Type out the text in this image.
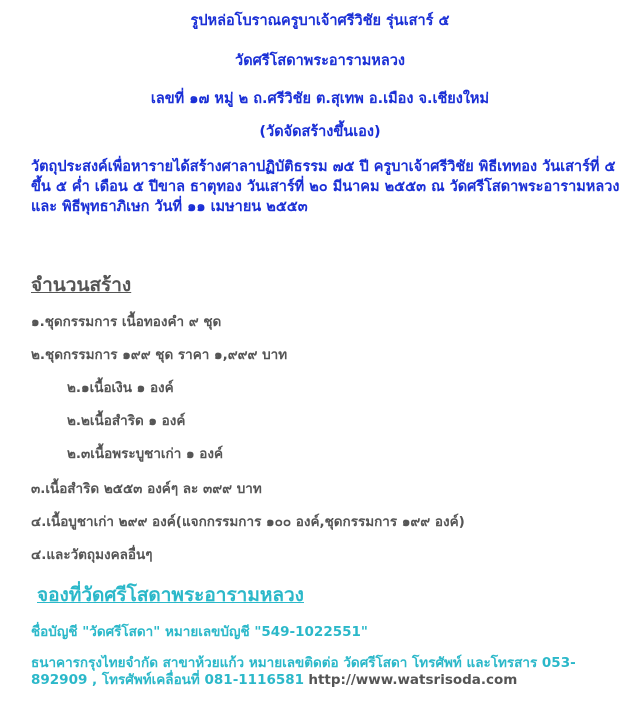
รูปหล่อโบราณครูบาเจ้าศรีวิชัย รุ่นเสาร์ ๕
วัดศรีโสดาพระอารามหลวง
เลขที่ ๑๗ หมู่ ๒ ถ.ศรีวิชัย ต.สุเทพ อ.เมือง จ.เชียงใหม่
(วัดจัดสร้างขึ้นเอง)
วัตถุประสงค์เพื่อหารายได้สร้างศาลาปฏิบัติธรรม ๗๕ ปี ครูบาเจ้าศรีวิชัย พิธีเททอง วันเสาร์ที่ ๕ ขึ้น ๕ ค่ำ เดือน ๕ ปีขาล ธาตุทอง วันเสาร์ที่ ๒๐ มีนาคม ๒๕๕๓ ณ วัดศรีโสดาพระอารามหลวง และ พิธีพุทธาภิเษก วันที่ ๑๑ เมษายน ๒๕๕๓
จำนวนสร้าง
๑.ชุดกรรมการ เนื้อทองคำ ๙ ชุด
๒.ชุดกรรมการ ๑๙๙ ชุด ราคา ๑,๙๙๙ บาท
๒.๑เนื้อเงิน ๑ องค์
๒.๒เนื้อสำริด ๑ องค์
๒.๓เนื้อพระบูชาเก่า ๑ องค์
๓.เนื้อสำริด ๒๕๕๓ องค์ๆ ละ ๓๙๙ บาท
๔.เนื้อบูชาเก่า ๒๙๙ องค์(แจกกรรมการ ๑๐๐ องค์,ชุดกรรมการ ๑๙๙ องค์)
๔.และวัตถุมงคลอื่นๆ
จองที่วัดศรีโสดาพระอารามหลวง
ชื่อบัญชี "วัดศรีโสดา" หมายเลขบัญชี "549-1022551"
ธนาคารกรุงไทยจำกัด สาขาห้วยแก้ว หมายเลขติดต่อ วัดศรีโสดา โทรศัพท์ และโทรสาร 053-892909 , โทรศัพท์เคลื่อนที่ 081-1116581 http://www.watsrisoda.com
